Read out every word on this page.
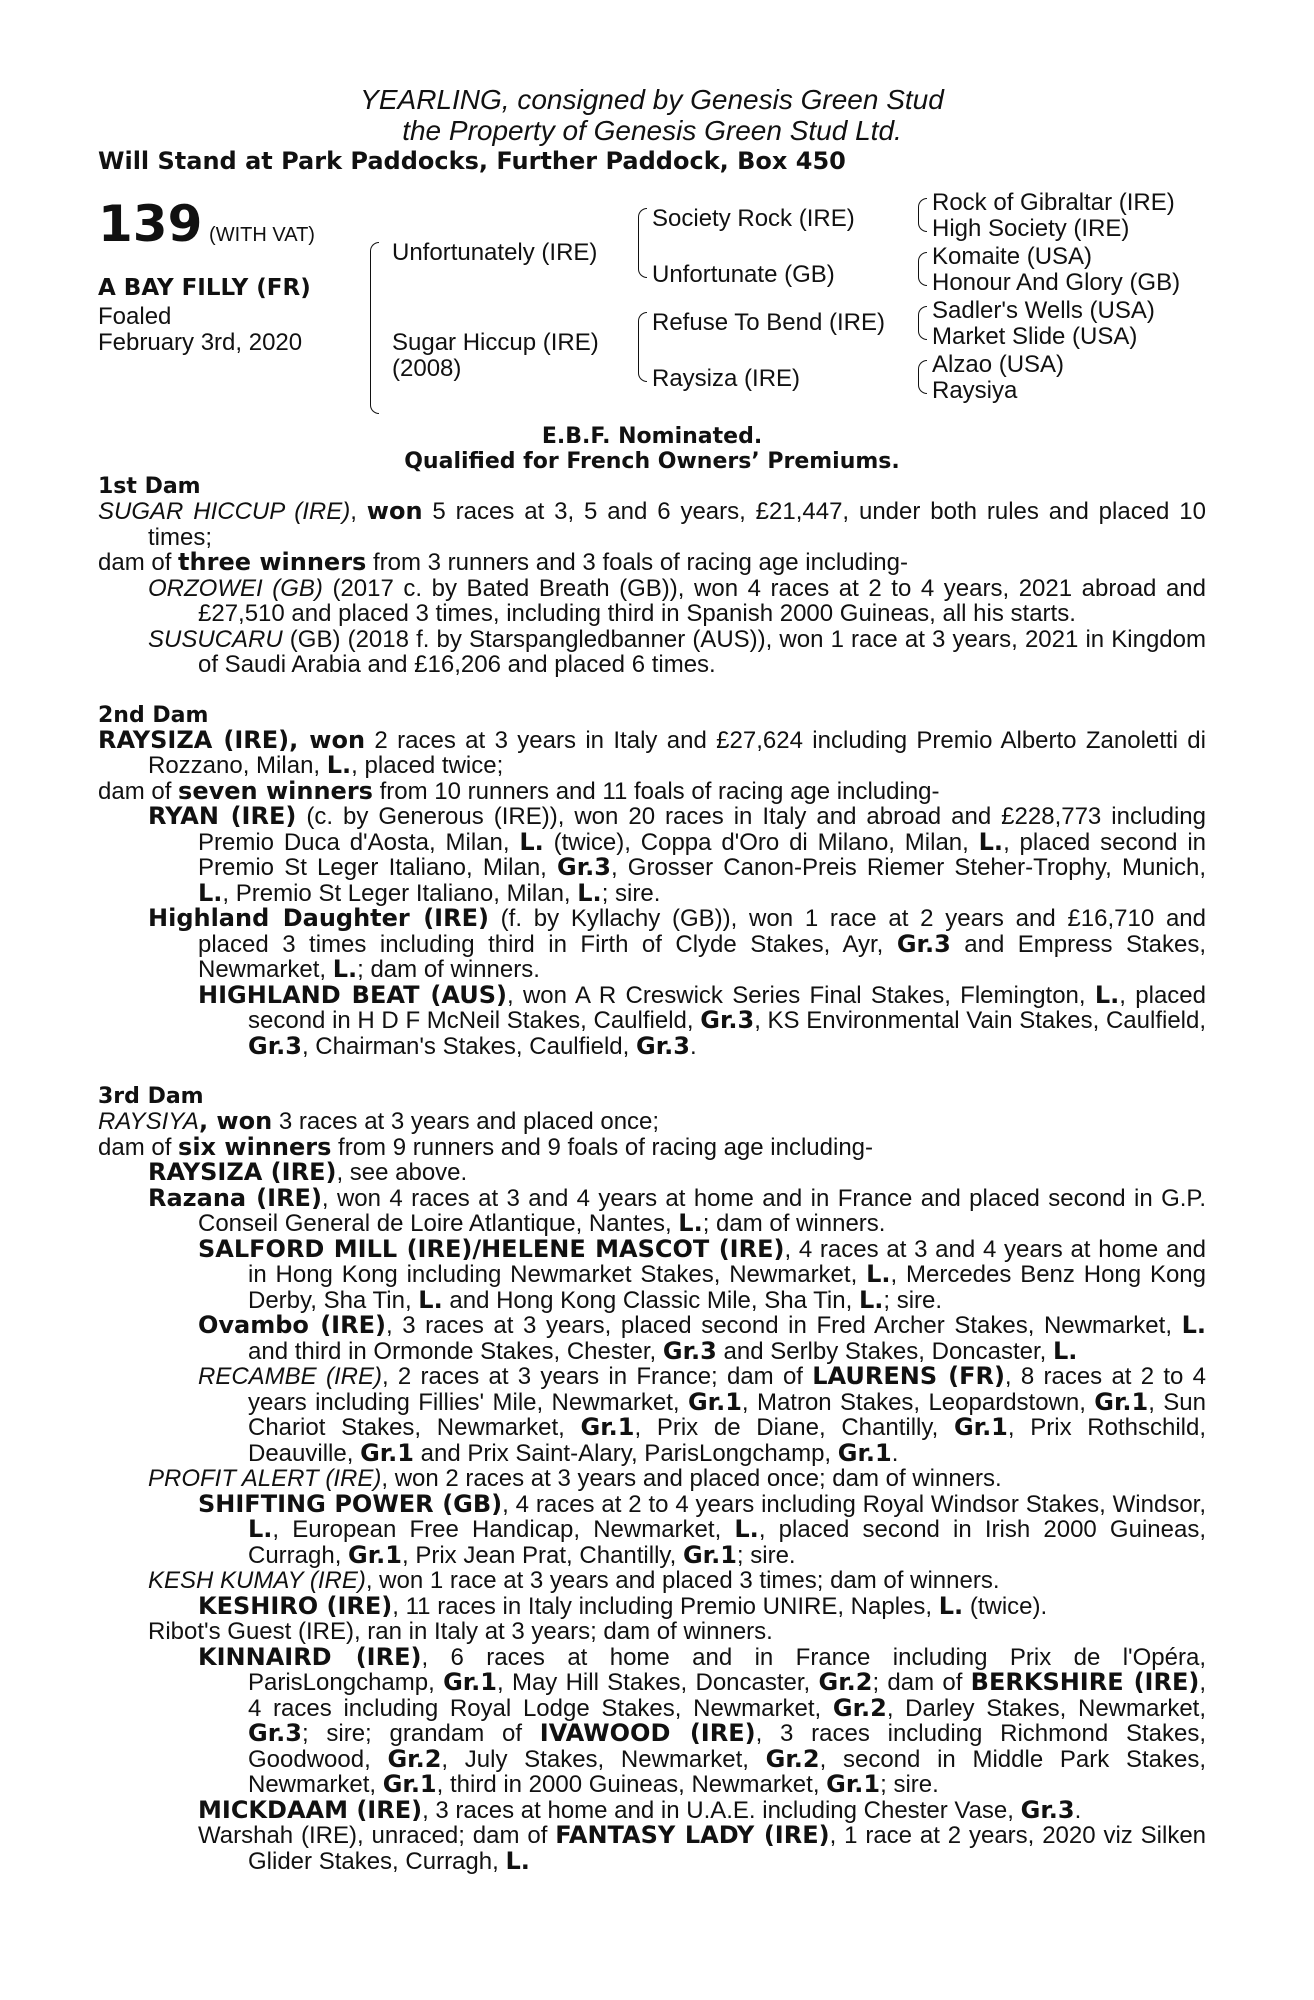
YEARLING, consigned by Genesis Green Stud
the Property of Genesis Green Stud Ltd.
Will Stand at Park Paddocks, Further Paddock, Box 450
139 (WITH VAT)
A BAY FILLY (FR)
Foaled
February 3rd, 2020
Unfortunately (IRE)
Sugar Hiccup (IRE)
(2008)
Society Rock (IRE)
Unfortunate (GB)
Refuse To Bend (IRE)
Raysiza (IRE)
Rock of Gibraltar (IRE)
High Society (IRE)
Komaite (USA)
Honour And Glory (GB)
Sadler's Wells (USA)
Market Slide (USA)
Alzao (USA)
Raysiya
E.B.F. Nominated.
Qualified for French Owners’ Premiums.
1st Dam

SUGAR HICCUP (IRE), won 5 races at 3, 5 and 6 years, £21,447, under both rules and placed 10 times;

dam of three winners from 3 runners and 3 foals of racing age including-

ORZOWEI (GB) (2017 c. by Bated Breath (GB)), won 4 races at 2 to 4 years, 2021 abroad and £27,510 and placed 3 times, including third in Spanish 2000 Guineas, all his starts.

SUSUCARU (GB) (2018 f. by Starspangledbanner (AUS)), won 1 race at 3 years, 2021 in Kingdom of Saudi Arabia and £16,206 and placed 6 times.

2nd Dam

RAYSIZA (IRE), won 2 races at 3 years in Italy and £27,624 including Premio Alberto Zanoletti di Rozzano, Milan, L., placed twice;

dam of seven winners from 10 runners and 11 foals of racing age including-

RYAN (IRE) (c. by Generous (IRE)), won 20 races in Italy and abroad and £228,773 including Premio Duca d'Aosta, Milan, L. (twice), Coppa d'Oro di Milano, Milan, L., placed second in Premio St Leger Italiano, Milan, Gr.3, Grosser Canon-Preis Riemer Steher-Trophy, Munich, L., Premio St Leger Italiano, Milan, L.; sire.

Highland Daughter (IRE) (f. by Kyllachy (GB)), won 1 race at 2 years and £16,710 and placed 3 times including third in Firth of Clyde Stakes, Ayr, Gr.3 and Empress Stakes, Newmarket, L.; dam of winners.

HIGHLAND BEAT (AUS), won A R Creswick Series Final Stakes, Flemington, L., placed second in H D F McNeil Stakes, Caulfield, Gr.3, KS Environmental Vain Stakes, Caulfield, Gr.3, Chairman's Stakes, Caulfield, Gr.3.

3rd Dam

RAYSIYA, won 3 races at 3 years and placed once;

dam of six winners from 9 runners and 9 foals of racing age including-

RAYSIZA (IRE), see above.

Razana (IRE), won 4 races at 3 and 4 years at home and in France and placed second in G.P. Conseil General de Loire Atlantique, Nantes, L.; dam of winners.

SALFORD MILL (IRE)/HELENE MASCOT (IRE), 4 races at 3 and 4 years at home and in Hong Kong including Newmarket Stakes, Newmarket, L., Mercedes Benz Hong Kong Derby, Sha Tin, L. and Hong Kong Classic Mile, Sha Tin, L.; sire.

Ovambo (IRE), 3 races at 3 years, placed second in Fred Archer Stakes, Newmarket, L. and third in Ormonde Stakes, Chester, Gr.3 and Serlby Stakes, Doncaster, L.

RECAMBE (IRE), 2 races at 3 years in France; dam of LAURENS (FR), 8 races at 2 to 4 years including Fillies' Mile, Newmarket, Gr.1, Matron Stakes, Leopardstown, Gr.1, Sun Chariot Stakes, Newmarket, Gr.1, Prix de Diane, Chantilly, Gr.1, Prix Rothschild, Deauville, Gr.1 and Prix Saint-Alary, ParisLongchamp, Gr.1.

PROFIT ALERT (IRE), won 2 races at 3 years and placed once; dam of winners.

SHIFTING POWER (GB), 4 races at 2 to 4 years including Royal Windsor Stakes, Windsor, L., European Free Handicap, Newmarket, L., placed second in Irish 2000 Guineas, Curragh, Gr.1, Prix Jean Prat, Chantilly, Gr.1; sire.

KESH KUMAY (IRE), won 1 race at 3 years and placed 3 times; dam of winners.

KESHIRO (IRE), 11 races in Italy including Premio UNIRE, Naples, L. (twice).

Ribot's Guest (IRE), ran in Italy at 3 years; dam of winners.

KINNAIRD (IRE), 6 races at home and in France including Prix de l'Opéra, ParisLongchamp, Gr.1, May Hill Stakes, Doncaster, Gr.2; dam of BERKSHIRE (IRE), 4 races including Royal Lodge Stakes, Newmarket, Gr.2, Darley Stakes, Newmarket, Gr.3; sire; grandam of IVAWOOD (IRE), 3 races including Richmond Stakes, Goodwood, Gr.2, July Stakes, Newmarket, Gr.2, second in Middle Park Stakes, Newmarket, Gr.1, third in 2000 Guineas, Newmarket, Gr.1; sire.

MICKDAAM (IRE), 3 races at home and in U.A.E. including Chester Vase, Gr.3.

Warshah (IRE), unraced; dam of FANTASY LADY (IRE), 1 race at 2 years, 2020 viz Silken Glider Stakes, Curragh, L.
